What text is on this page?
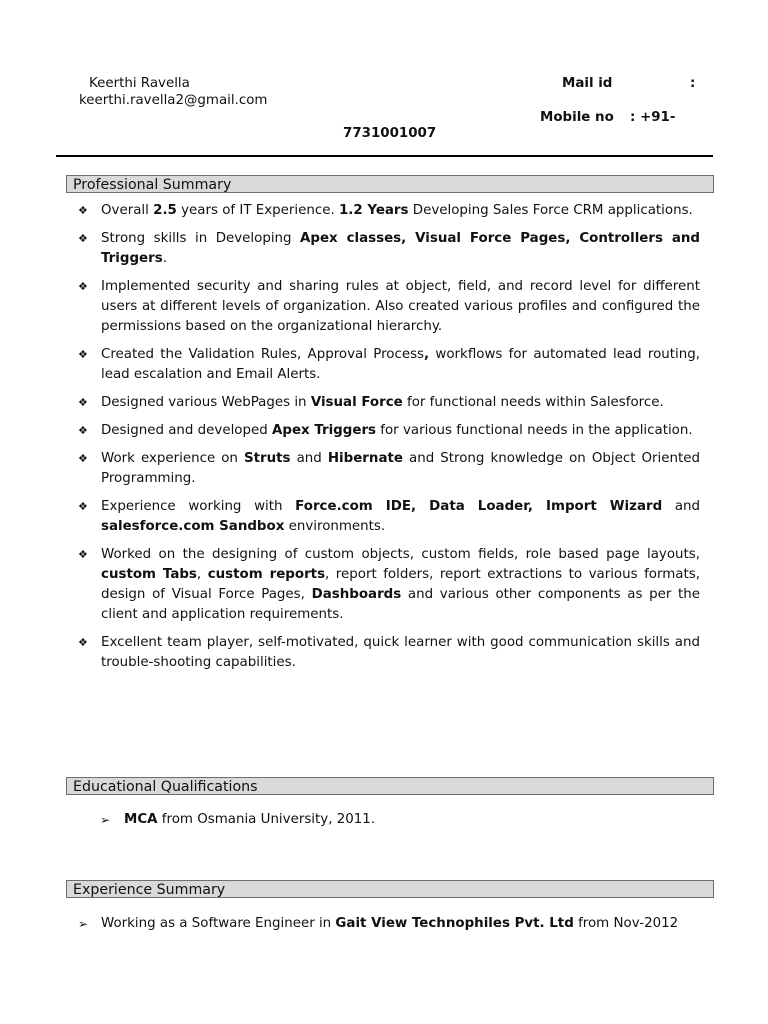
Keerthi Ravella
keerthi.ravella2@gmail.com
Mail id	:
Mobile no : +91-
7731001007
Professional Summary
❖ Overall 2.5 years of IT Experience. 1.2 Years Developing Sales Force CRM applications.
❖ Strong skills in Developing Apex classes, Visual Force Pages, Controllers and Triggers.
❖ Implemented security and sharing rules at object, field, and record level for different users at different levels of organization. Also created various profiles and configured the permissions based on the organizational hierarchy.
❖ Created the Validation Rules, Approval Process, workflows for automated lead routing, lead escalation and Email Alerts.
❖ Designed various WebPages in Visual Force for functional needs within Salesforce.
❖ Designed and developed Apex Triggers for various functional needs in the application.
❖ Work experience on Struts and Hibernate and Strong knowledge on Object Oriented Programming.
❖ Experience working with Force.com IDE, Data Loader, Import Wizard and salesforce.com Sandbox environments.
❖ Worked on the designing of custom objects, custom fields, role based page layouts, custom Tabs, custom reports, report folders, report extractions to various formats, design of Visual Force Pages, Dashboards and various other components as per the client and application requirements.
❖ Excellent team player, self-motivated, quick learner with good communication skills and trouble-shooting capabilities.
Educational Qualifications
➢ MCA from Osmania University, 2011.
Experience Summary
➢ Working as a Software Engineer in Gait View Technophiles Pvt. Ltd from Nov-2012
